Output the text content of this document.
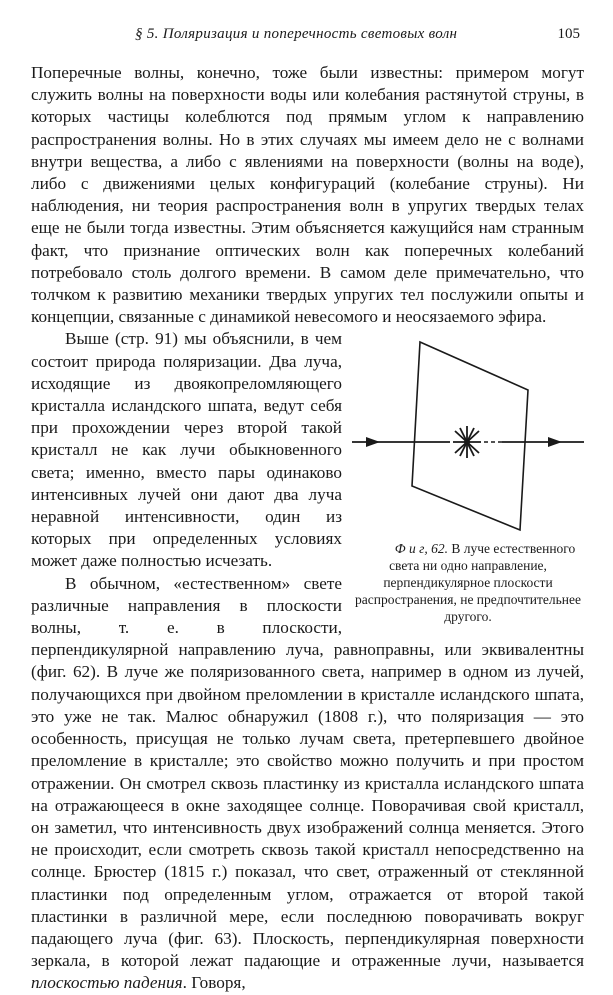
§ 5. Поляризация и поперечность световых волн	105

Поперечные волны, конечно, тоже были известны: примером могут служить волны на поверхности воды или колебания растянутой струны, в которых частицы колеблются под прямым углом к направлению распространения волны. Но в этих случаях мы имеем дело не с волнами внутри вещества, а либо с явлениями на поверхности (волны на воде), либо с движениями целых конфигураций (колебание струны). Ни наблюдения, ни теория распространения волн в упругих твердых телах еще не были тогда известны. Этим объясняется кажущийся нам странным факт, что признание оптических волн как поперечных колебаний потребовало столь долгого времени. В самом деле примечательно, что толчком к развитию механики твердых упругих тел послужили опыты и концепции, связанные с динамикой невесомого и неосязаемого эфира.

Ф и г, 62. В луче естественного света ни одно направление, перпендикулярное плоскости распространения, не предпочтительнее другого.
Выше (стр. 91) мы объяснили, в чем состоит природа поляризации. Два луча, исходящие из двоякопреломляющего кристалла исландского шпата, ведут себя при прохождении через второй такой кристалл не как лучи обыкновенного света; именно, вместо пары одинаково интенсивных лучей они дают два луча неравной интенсивности, один из которых при определенных условиях может даже полностью исчезать.

В обычном, «естественном» свете различные направления в плоскости волны, т. е. в плоскости, перпендикулярной направлению луча, равноправны, или эквивалентны (фиг. 62). В луче же поляризованного света, например в одном из лучей, получающихся при двойном преломлении в кристалле исландского шпата, это уже не так. Малюс обнаружил (1808 г.), что поляризация — это особенность, присущая не только лучам света, претерпевшего двойное преломление в кристалле; это свойство можно получить и при простом отражении. Он смотрел сквозь пластинку из кристалла исландского шпата на отражающееся в окне заходящее солнце. Поворачивая свой кристалл, он заметил, что интенсивность двух изображений солнца меняется. Этого не происходит, если смотреть сквозь такой кристалл непосредственно на солнце. Брюстер (1815 г.) показал, что свет, отраженный от стеклянной пластинки под определенным углом, отражается от второй такой пластинки в различной мере, если последнюю поворачивать вокруг падающего луча (фиг. 63). Плоскость, перпендикулярная поверхности зеркала, в которой лежат падающие и отраженные лучи, называется плоскостью падения. Говоря,
